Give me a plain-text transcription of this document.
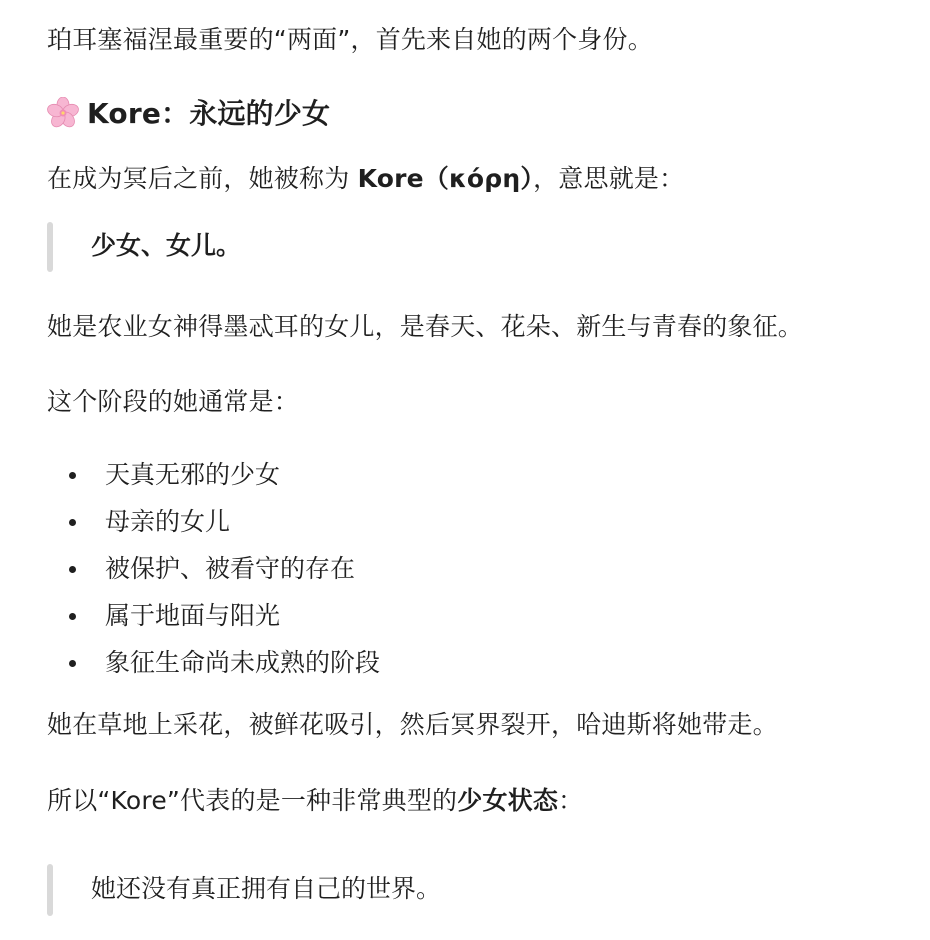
珀耳塞福涅最重要的“两面”，首先来自她的两个身份。
Kore：永远的少女
在成为冥后之前，她被称为 Kore（κόρη），意思就是：
少女、女儿。
她是农业女神得墨忒耳的女儿，是春天、花朵、新生与青春的象征。
这个阶段的她通常是：
天真无邪的少女
母亲的女儿
被保护、被看守的存在
属于地面与阳光
象征生命尚未成熟的阶段
她在草地上采花，被鲜花吸引，然后冥界裂开，哈迪斯将她带走。
所以“Kore”代表的是一种非常典型的少女状态：
她还没有真正拥有自己的世界。
